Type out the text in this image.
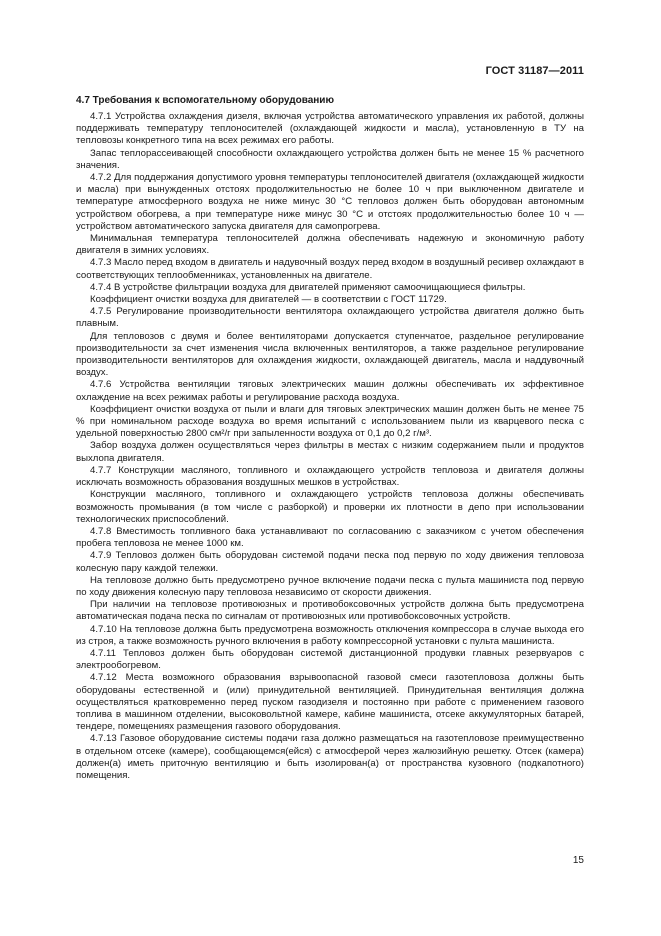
ГОСТ 31187—2011
4.7 Требования к вспомогательному оборудованию

4.7.1 Устройства охлаждения дизеля, включая устройства автоматического управления их работой, должны поддерживать температуру теплоносителей (охлаждающей жидкости и масла), установленную в ТУ на тепловозы конкретного типа на всех режимах его работы.

Запас теплорассеивающей способности охлаждающего устройства должен быть не менее 15 % расчетного значения.

4.7.2 Для поддержания допустимого уровня температуры теплоносителей двигателя (охлаждающей жидкости и масла) при вынужденных отстоях продолжительностью не более 10 ч при выключенном двигателе и температуре атмосферного воздуха не ниже минус 30 °C тепловоз должен быть оборудован автономным устройством обогрева, а при температуре ниже минус 30 °C и отстоях продолжительностью более 10 ч — устройством автоматического запуска двигателя для самопрогрева.

Минимальная температура теплоносителей должна обеспечивать надежную и экономичную работу двигателя в зимних условиях.

4.7.3 Масло перед входом в двигатель и надувочный воздух перед входом в воздушный ресивер охлаждают в соответствующих теплообменниках, установленных на двигателе.

4.7.4 В устройстве фильтрации воздуха для двигателей применяют самоочищающиеся фильтры.

Коэффициент очистки воздуха для двигателей — в соответствии с ГОСТ 11729.

4.7.5 Регулирование производительности вентилятора охлаждающего устройства двигателя должно быть плавным.

Для тепловозов с двумя и более вентиляторами допускается ступенчатое, раздельное регулирование производительности за счет изменения числа включенных вентиляторов, а также раздельное регулирование производительности вентиляторов для охлаждения жидкости, охлаждающей двигатель, масла и наддувочный воздух.

4.7.6 Устройства вентиляции тяговых электрических машин должны обеспечивать их эффективное охлаждение на всех режимах работы и регулирование расхода воздуха.

Коэффициент очистки воздуха от пыли и влаги для тяговых электрических машин должен быть не менее 75 % при номинальном расходе воздуха во время испытаний с использованием пыли из кварцевого песка с удельной поверхностью 2800 см²/г при запыленности воздуха от 0,1 до 0,2 г/м³.

Забор воздуха должен осуществляться через фильтры в местах с низким содержанием пыли и продуктов выхлопа двигателя.

4.7.7 Конструкции масляного, топливного и охлаждающего устройств тепловоза и двигателя должны исключать возможность образования воздушных мешков в устройствах.

Конструкции масляного, топливного и охлаждающего устройств тепловоза должны обеспечивать возможность промывания (в том числе с разборкой) и проверки их плотности в депо при использовании технологических приспособлений.

4.7.8 Вместимость топливного бака устанавливают по согласованию с заказчиком с учетом обеспечения пробега тепловоза не менее 1000 км.

4.7.9 Тепловоз должен быть оборудован системой подачи песка под первую по ходу движения тепловоза колесную пару каждой тележки.

На тепловозе должно быть предусмотрено ручное включение подачи песка с пульта машиниста под первую по ходу движения колесную пару тепловоза независимо от скорости движения.

При наличии на тепловозе противоюзных и противобоксовочных устройств должна быть предусмотрена автоматическая подача песка по сигналам от противоюзных или противобоксовочных устройств.

4.7.10 На тепловозе должна быть предусмотрена возможность отключения компрессора в случае выхода его из строя, а также возможность ручного включения в работу компрессорной установки с пульта машиниста.

4.7.11 Тепловоз должен быть оборудован системой дистанционной продувки главных резервуаров с электрообогревом.

4.7.12 Места возможного образования взрывоопасной газовой смеси газотепловоза должны быть оборудованы естественной и (или) принудительной вентиляцией. Принудительная вентиляция должна осуществляться кратковременно перед пуском газодизеля и постоянно при работе с применением газового топлива в машинном отделении, высоковольтной камере, кабине машиниста, отсеке аккумуляторных батарей, тендере, помещениях размещения газового оборудования.

4.7.13 Газовое оборудование системы подачи газа должно размещаться на газотепловозе преимущественно в отдельном отсеке (камере), сообщающемся(ейся) с атмосферой через жалюзийную решетку. Отсек (камера) должен(а) иметь приточную вентиляцию и быть изолирован(а) от пространства кузовного (подкапотного) помещения.

15
